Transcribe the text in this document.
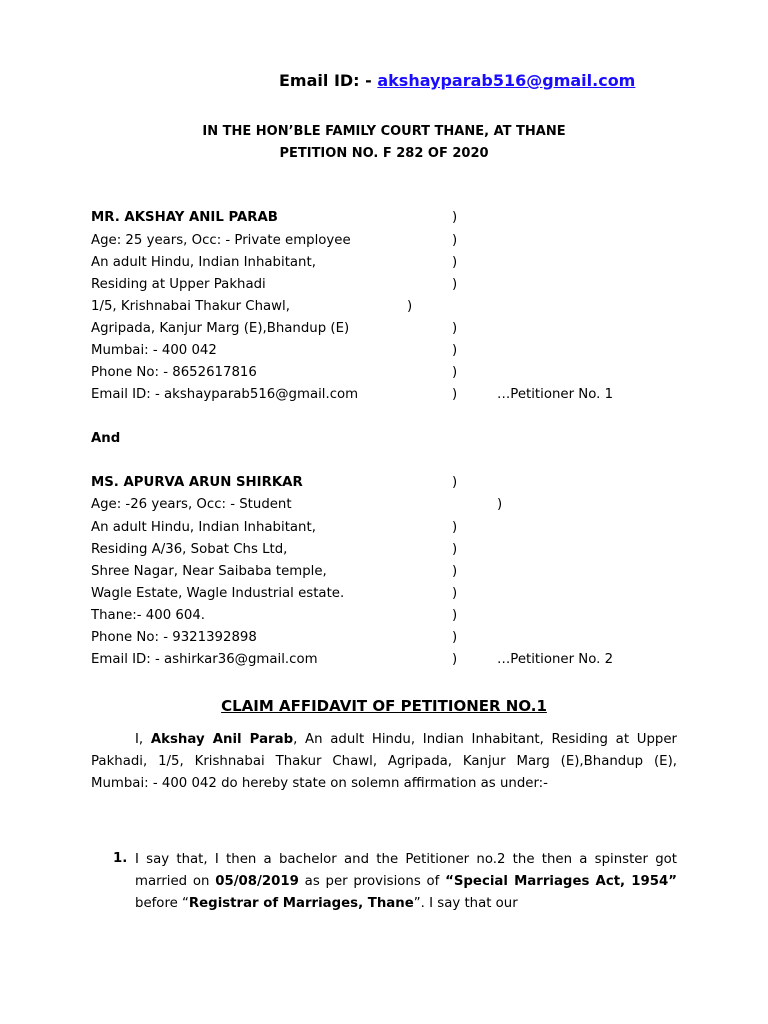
Email ID: - akshayparab516@gmail.com
IN THE HON’BLE FAMILY COURT THANE, AT THANE
PETITION NO. F 282 OF 2020
MR. AKSHAY ANIL PARAB
Age: 25 years, Occ: - Private employee
An adult Hindu, Indian Inhabitant,
Residing at Upper Pakhadi
1/5, Krishnabai Thakur Chawl,
Agripada, Kanjur Marg (E),Bhandup (E)
Mumbai: - 400 042
Phone No: - 8652617816
Email ID: - akshayparab516@gmail.com
)
)
)
)
)
)
)
)
)	…Petitioner No. 1
And
MS. APURVA ARUN SHIRKAR
Age: -26 years, Occ: - Student
An adult Hindu, Indian Inhabitant,
Residing A/36, Sobat Chs Ltd,
Shree Nagar, Near Saibaba temple,
Wagle Estate, Wagle Industrial estate.
Thane:- 400 604.
Phone No: - 9321392898
Email ID: - ashirkar36@gmail.com
)
)
)
)
)
)
)
)
)	…Petitioner No. 2
CLAIM AFFIDAVIT OF PETITIONER NO.1
I, Akshay Anil Parab, An adult Hindu, Indian Inhabitant, Residing at Upper Pakhadi, 1/5, Krishnabai Thakur Chawl, Agripada, Kanjur Marg (E),Bhandup (E), Mumbai: - 400 042 do hereby state on solemn affirmation as under:-
1. I say that, I then a bachelor and the Petitioner no.2 the then a spinster got married on 05/08/2019 as per provisions of “Special Marriages Act, 1954” before “Registrar of Marriages, Thane”. I say that our
